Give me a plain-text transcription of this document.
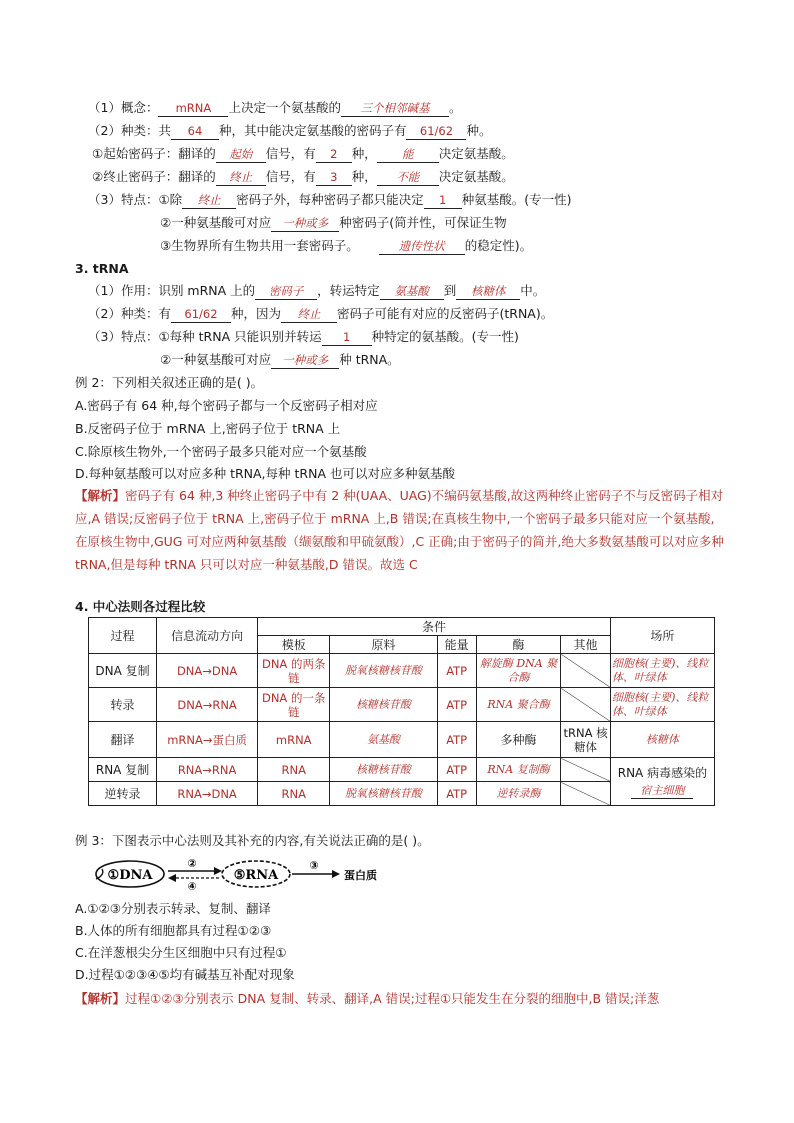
（1）概念： mRNA 上决定一个氨基酸的 三个相邻碱基 。
（2）种类：共 64 种，其中能决定氨基酸的密码子有 61/62 种。
①起始密码子：翻译的 起始 信号，有 2 种， 能 决定氨基酸。
②终止密码子：翻译的 终止 信号，有 3 种， 不能 决定氨基酸。
（3）特点：①除 终止 密码子外，每种密码子都只能决定 1 种氨基酸。(专一性)
②一种氨基酸可对应 一种或多 种密码子(简并性，可保证生物
③生物界所有生物共用一套密码子。	遗传性状 的稳定性)。
3. tRNA
（1）作用：识别 mRNA 上的 密码子 ，转运特定 氨基酸 到 核糖体 中。
（2）种类：有 61/62 种，因为 终止 密码子可能有对应的反密码子(tRNA)。
（3）特点：①每种 tRNA 只能识别并转运 1 种特定的氨基酸。(专一性)
②一种氨基酸可对应 一种或多 种 tRNA。
例 2：下列相关叙述正确的是( )。
A.密码子有 64 种,每个密码子都与一个反密码子相对应
B.反密码子位于 mRNA 上,密码子位于 tRNA 上
C.除原核生物外,一个密码子最多只能对应一个氨基酸
D.每种氨基酸可以对应多种 tRNA,每种 tRNA 也可以对应多种氨基酸
【解析】密码子有 64 种,3 种终止密码子中有 2 种(UAA、UAG)不编码氨基酸,故这两种终止密码子不与反密码子相对应,A 错误;反密码子位于 tRNA 上,密码子位于 mRNA 上,B 错误;在真核生物中,一个密码子最多只能对应一个氨基酸,在原核生物中,GUG 可对应两种氨基酸（缬氨酸和甲硫氨酸）,C 正确;由于密码子的简并,绝大多数氨基酸可以对应多种 tRNA,但是每种 tRNA 只可以对应一种氨基酸,D 错误。故选 C
4. 中心法则各过程比较
过程	信息流动方向	条件					场所
		模板	原料	能量	酶	其他	
DNA 复制	DNA→DNA	DNA 的两条链	脱氧核糖核苷酸	ATP	解旋酶 DNA 聚合酶		细胞核(主要)、线粒体、叶绿体
转录	DNA→RNA	DNA 的一条链	核糖核苷酸	ATP	RNA 聚合酶		细胞核(主要)、线粒体、叶绿体
翻译	mRNA→蛋白质	mRNA	氨基酸	ATP	多种酶	tRNA 核糖体	核糖体
RNA 复制	RNA→RNA	RNA	核糖核苷酸	ATP	RNA 复制酶		RNA 病毒感染的宿主细胞
逆转录	RNA→DNA	RNA	脱氧核糖核苷酸	ATP	逆转录酶		
例 3：下图表示中心法则及其补充的内容,有关说法正确的是( )。
①DNA
②
④
⑤RNA
③
蛋白质
A.①②③分别表示转录、复制、翻译
B.人体的所有细胞都具有过程①②③
C.在洋葱根尖分生区细胞中只有过程①
D.过程①②③④⑤均有碱基互补配对现象
【解析】过程①②③分别表示 DNA 复制、转录、翻译,A 错误;过程①只能发生在分裂的细胞中,B 错误;洋葱
